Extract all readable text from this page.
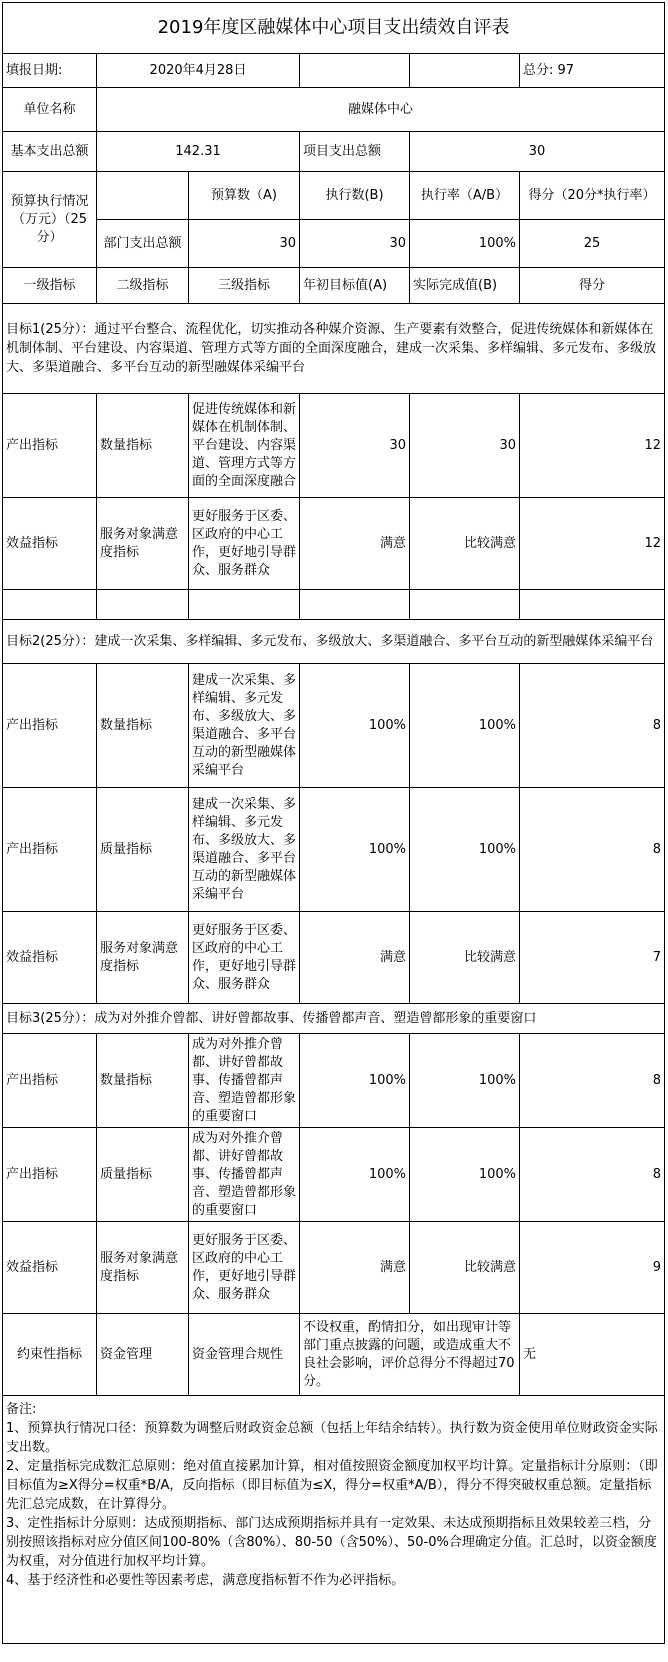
2019年度区融媒体中心项目支出绩效自评表					
填报日期:	2020年4月28日				总分: 97
单位名称	融媒体中心				
基本支出总额	142.31		项目支出总额	30	
预算执行情况（万元）（25分）		预算数（A)	执行数(B)	执行率（A/B）	得分（20分*执行率）
	部门支出总额	30	30	100%	25
一级指标	二级指标	三级指标	年初目标值(A)	实际完成值(B)	得分
目标1(25分）：通过平台整合、流程优化，切实推动各种媒介资源、生产要素有效整合，促进传统媒体和新媒体在机制体制、平台建设、内容渠道、管理方式等方面的全面深度融合，建成一次采集、多样编辑、多元发布、多级放大、多渠道融合、多平台互动的新型融媒体采编平台					
产出指标	数量指标	促进传统媒体和新媒体在机制体制、平台建设、内容渠道、管理方式等方面的全面深度融合	30	30	12
效益指标	服务对象满意度指标	更好服务于区委、区政府的中心工作，更好地引导群众、服务群众	满意	比较满意	12

目标2(25分）：建成一次采集、多样编辑、多元发布、多级放大、多渠道融合、多平台互动的新型融媒体采编平台					
产出指标	数量指标	建成一次采集、多样编辑、多元发布、多级放大、多渠道融合、多平台互动的新型融媒体采编平台	100%	100%	8
产出指标	质量指标	建成一次采集、多样编辑、多元发布、多级放大、多渠道融合、多平台互动的新型融媒体采编平台	100%	100%	8
效益指标	服务对象满意度指标	更好服务于区委、区政府的中心工作，更好地引导群众、服务群众	满意	比较满意	7
目标3(25分）：成为对外推介曾都、讲好曾都故事、传播曾都声音、塑造曾都形象的重要窗口					
产出指标	数量指标	成为对外推介曾都、讲好曾都故事、传播曾都声音、塑造曾都形象的重要窗口	100%	100%	8
产出指标	质量指标	成为对外推介曾都、讲好曾都故事、传播曾都声音、塑造曾都形象的重要窗口	100%	100%	8
效益指标	服务对象满意度指标	更好服务于区委、区政府的中心工作，更好地引导群众、服务群众	满意	比较满意	9
约束性指标	资金管理	资金管理合规性	不设权重，酌情扣分，如出现审计等部门重点披露的问题，或造成重大不良社会影响，评价总得分不得超过70分。		无

备注:
1、预算执行情况口径：预算数为调整后财政资金总额（包括上年结余结转）。执行数为资金使用单位财政资金实际支出数。
2、定量指标完成数汇总原则：绝对值直接累加计算，相对值按照资金额度加权平均计算。定量指标计分原则：（即目标值为≥X得分=权重*B/A，反向指标（即目标值为≤X，得分=权重*A/B），得分不得突破权重总额。定量指标先汇总完成数，在计算得分。
3、定性指标计分原则：达成预期指标、部门达成预期指标并具有一定效果、未达成预期指标且效果较差三档，分别按照该指标对应分值区间100-80%（含80%）、80-50（含50%）、50-0%合理确定分值。汇总时，以资金额度为权重，对分值进行加权平均计算。
4、基于经济性和必要性等因素考虑，满意度指标暂不作为必评指标。					
